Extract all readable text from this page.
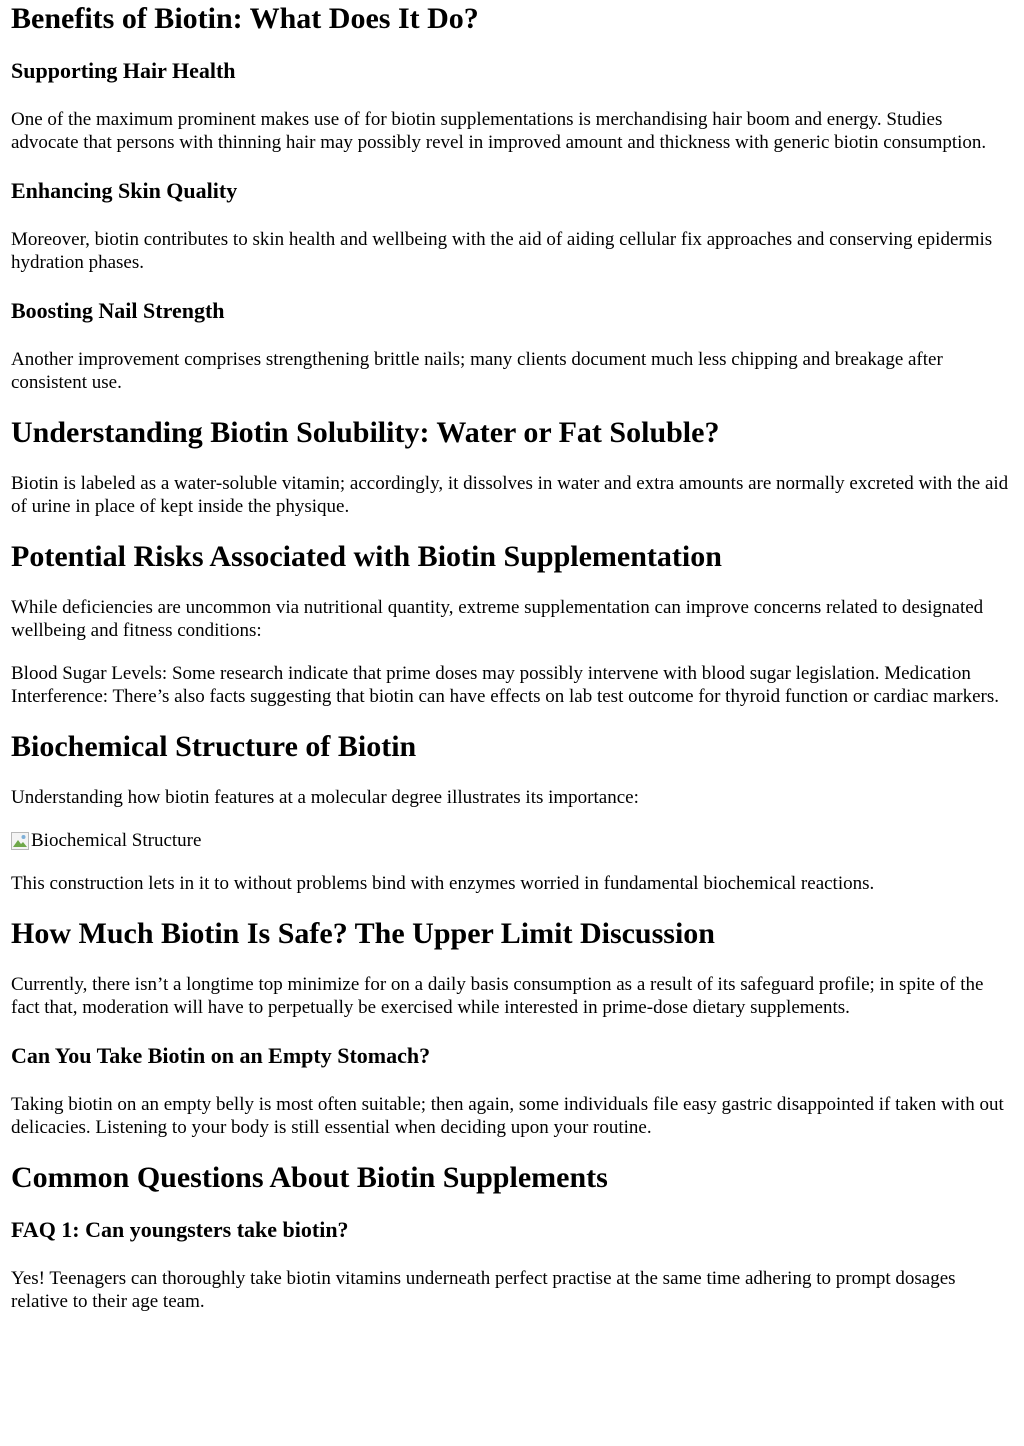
Benefits of Biotin: What Does It Do?
Supporting Hair Health

One of the maximum prominent makes use of for biotin supplementations is merchandising hair boom and energy. Studies advocate that persons with thinning hair may possibly revel in improved amount and thickness with generic biotin consumption.

Enhancing Skin Quality

Moreover, biotin contributes to skin health and wellbeing with the aid of aiding cellular fix approaches and conserving epidermis hydration phases.

Boosting Nail Strength

Another improvement comprises strengthening brittle nails; many clients document much less chipping and breakage after consistent use.

Understanding Biotin Solubility: Water or Fat Soluble?

Biotin is labeled as a water-soluble vitamin; accordingly, it dissolves in water and extra amounts are normally excreted with the aid of urine in place of kept inside the physique.

Potential Risks Associated with Biotin Supplementation

While deficiencies are uncommon via nutritional quantity, extreme supplementation can improve concerns related to designated wellbeing and fitness conditions:

Blood Sugar Levels: Some research indicate that prime doses may possibly intervene with blood sugar legislation. Medication Interference: There’s also facts suggesting that biotin can have effects on lab test outcome for thyroid function or cardiac markers.

Biochemical Structure of Biotin

Understanding how biotin features at a molecular degree illustrates its importance:

Biochemical Structure

This construction lets in it to without problems bind with enzymes worried in fundamental biochemical reactions.

How Much Biotin Is Safe? The Upper Limit Discussion

Currently, there isn’t a longtime top minimize for on a daily basis consumption as a result of its safeguard profile; in spite of the fact that, moderation will have to perpetually be exercised while interested in prime-dose dietary supplements.

Can You Take Biotin on an Empty Stomach?

Taking biotin on an empty belly is most often suitable; then again, some individuals file easy gastric disappointed if taken with out delicacies. Listening to your body is still essential when deciding upon your routine.

Common Questions About Biotin Supplements
FAQ 1: Can youngsters take biotin?

Yes! Teenagers can thoroughly take biotin vitamins underneath perfect practise at the same time adhering to prompt dosages relative to their age team.
